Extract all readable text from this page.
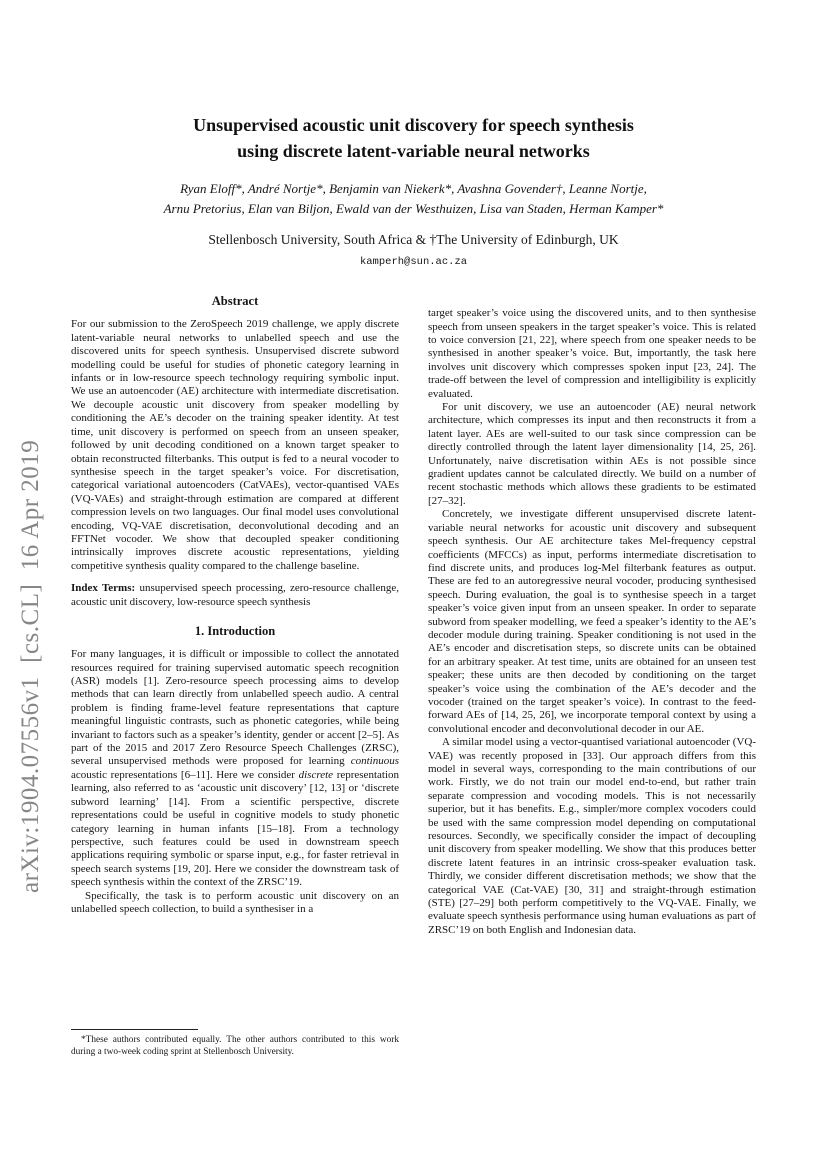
arXiv:1904.07556v1  [cs.CL]  16 Apr 2019
Unsupervised acoustic unit discovery for speech synthesis
using discrete latent-variable neural networks
Ryan Eloff*, André Nortje*, Benjamin van Niekerk*, Avashna Govender†, Leanne Nortje,
Arnu Pretorius, Elan van Biljon, Ewald van der Westhuizen, Lisa van Staden, Herman Kamper*
Stellenbosch University, South Africa & †The University of Edinburgh, UK
kamperh@sun.ac.za
Abstract

For our submission to the ZeroSpeech 2019 challenge, we apply discrete latent-variable neural networks to unlabelled speech and use the discovered units for speech synthesis. Unsupervised discrete subword modelling could be useful for studies of phonetic category learning in infants or in low-resource speech technology requiring symbolic input. We use an autoencoder (AE) architecture with intermediate discretisation. We decouple acoustic unit discovery from speaker modelling by conditioning the AE’s decoder on the training speaker identity. At test time, unit discovery is performed on speech from an unseen speaker, followed by unit decoding conditioned on a known target speaker to obtain reconstructed filterbanks. This output is fed to a neural vocoder to synthesise speech in the target speaker’s voice. For discretisation, categorical variational autoencoders (CatVAEs), vector-quantised VAEs (VQ-VAEs) and straight-through estimation are compared at different compression levels on two languages. Our final model uses convolutional encoding, VQ-VAE discretisation, deconvolutional decoding and an FFTNet vocoder. We show that decoupled speaker conditioning intrinsically improves discrete acoustic representations, yielding competitive synthesis quality compared to the challenge baseline.

Index Terms: unsupervised speech processing, zero-resource challenge, acoustic unit discovery, low-resource speech synthesis

1. Introduction

For many languages, it is difficult or impossible to collect the annotated resources required for training supervised automatic speech recognition (ASR) models [1]. Zero-resource speech processing aims to develop methods that can learn directly from unlabelled speech audio. A central problem is finding frame-level feature representations that capture meaningful linguistic contrasts, such as phonetic categories, while being invariant to factors such as a speaker’s identity, gender or accent [2–5]. As part of the 2015 and 2017 Zero Resource Speech Challenges (ZRSC), several unsupervised methods were proposed for learning continuous acoustic representations [6–11]. Here we consider discrete representation learning, also referred to as ‘acoustic unit discovery’ [12, 13] or ‘discrete subword learning’ [14]. From a scientific perspective, discrete representations could be useful in cognitive models to study phonetic category learning in human infants [15–18]. From a technology perspective, such features could be used in downstream speech applications requiring symbolic or sparse input, e.g., for faster retrieval in speech search systems [19, 20]. Here we consider the downstream task of speech synthesis within the context of the ZRSC’19.

Specifically, the task is to perform acoustic unit discovery on an unlabelled speech collection, to build a synthesiser in a

*These authors contributed equally. The other authors contributed to this work during a two-week coding sprint at Stellenbosch University.

target speaker’s voice using the discovered units, and to then synthesise speech from unseen speakers in the target speaker’s voice. This is related to voice conversion [21, 22], where speech from one speaker needs to be synthesised in another speaker’s voice. But, importantly, the task here involves unit discovery which compresses spoken input [23, 24]. The trade-off between the level of compression and intelligibility is explicitly evaluated.

For unit discovery, we use an autoencoder (AE) neural network architecture, which compresses its input and then reconstructs it from a latent layer. AEs are well-suited to our task since compression can be directly controlled through the latent layer dimensionality [14, 25, 26]. Unfortunately, naive discretisation within AEs is not possible since gradient updates cannot be calculated directly. We build on a number of recent stochastic methods which allows these gradients to be estimated [27–32].

Concretely, we investigate different unsupervised discrete latent-variable neural networks for acoustic unit discovery and subsequent speech synthesis. Our AE architecture takes Mel-frequency cepstral coefficients (MFCCs) as input, performs intermediate discretisation to find discrete units, and produces log-Mel filterbank features as output. These are fed to an autoregressive neural vocoder, producing synthesised speech. During evaluation, the goal is to synthesise speech in a target speaker’s voice given input from an unseen speaker. In order to separate subword from speaker modelling, we feed a speaker’s identity to the AE’s decoder module during training. Speaker conditioning is not used in the AE’s encoder and discretisation steps, so discrete units can be obtained for an arbitrary speaker. At test time, units are obtained for an unseen test speaker; these units are then decoded by conditioning on the target speaker’s voice using the combination of the AE’s decoder and the vocoder (trained on the target speaker’s voice). In contrast to the feed-forward AEs of [14, 25, 26], we incorporate temporal context by using a convolutional encoder and deconvolutional decoder in our AE.

A similar model using a vector-quantised variational autoencoder (VQ-VAE) was recently proposed in [33]. Our approach differs from this model in several ways, corresponding to the main contributions of our work. Firstly, we do not train our model end-to-end, but rather train separate compression and vocoding models. This is not necessarily superior, but it has benefits. E.g., simpler/more complex vocoders could be used with the same compression model depending on computational resources. Secondly, we specifically consider the impact of decoupling unit discovery from speaker modelling. We show that this produces better discrete latent features in an intrinsic cross-speaker evaluation task. Thirdly, we consider different discretisation methods; we show that the categorical VAE (Cat-VAE) [30, 31] and straight-through estimation (STE) [27–29] both perform competitively to the VQ-VAE. Finally, we evaluate speech synthesis performance using human evaluations as part of ZRSC’19 on both English and Indonesian data.
